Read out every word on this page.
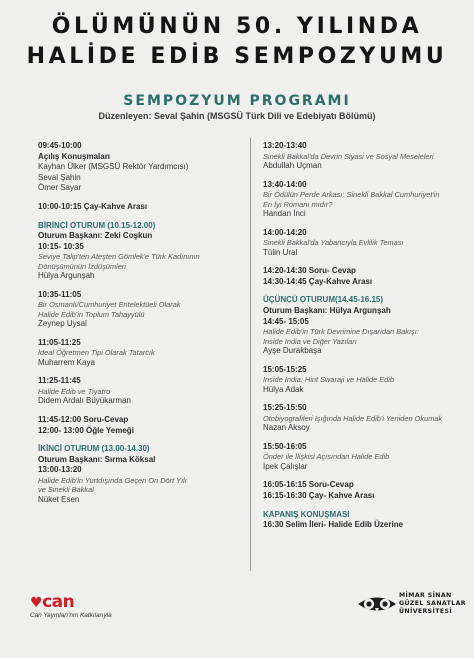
ÖLÜMÜNÜN 50. YILINDA
HALİDE EDİB SEMPOZYUMU
SEMPOZYUM PROGRAMI
Düzenleyen: Seval Şahin (MSGSÜ Türk Dili ve Edebiyatı Bölümü)
09:45-10:00
Açılış Konuşmaları
Kayhan Ülker (MSGSÜ Rektör Yardımcısı)
Seval Şahin
Ömer Sayar
10:00-10:15 Çay-Kahve Arası
BİRİNCİ OTURUM (10.15-12.00)
Oturum Başkanı: Zeki Coşkun
10:15- 10:35
Seviye Talip'ten Ateşten Gömlek'e Türk Kadınının
Dönüşümünün İzdüşümleri
Hülya Argunşah
10:35-11:05
Bir Osmanlı/Cumhuriyet Entelektüeli Olarak
Halide Edib'in Toplum Tahayyülü
Zeynep Uysal
11:05-11:25
İdeal Öğretmen Tipi Olarak Tatarcık
Muharrem Kaya
11:25-11:45
Halide Edib ve Tiyatro
Didem Ardalı Büyükarman
11:45-12:00 Soru-Cevap
12:00- 13:00 Öğle Yemeği
İKİNCİ OTURUM (13.00-14.30)
Oturum Başkanı: Sırma Köksal
13:00-13:20
Halide Edib'in Yurtdışında Geçen On Dört Yılı
ve Sinekli Bakkal
Nüket Esen
13:20-13:40
Sinekli Bakkal'da Devrin Siyasi ve Sosyal Meseleleri
Abdullah Uçman
13:40-14:00
Bir Ödülün Perde Arkası: Sinekli Bakkal Cumhuriyet'in
En İyi Romanı mıdır?
Handan İnci
14:00-14:20
Sinekli Bakkal'da Yabancıyla Evlilik Teması
Tülin Ural
14:20-14:30 Soru- Cevap
14:30-14:45 Çay-Kahve Arası
ÜÇÜNCÜ OTURUM(14.45-16.15)
Oturum Başkanı: Hülya Argunşah
14:45- 15:05
Halide Edib'in Türk Devrimine Dışarıdan Bakışı:
Inside India ve Diğer Yazıları
Ayşe Durakbaşa
15:05-15:25
Inside India: Hint Swaraji ve Halide Edib
Hülya Adak
15:25-15:50
Otobiyografileri Işığında Halide Edib'i Yeniden Okumak
Nazan Aksoy
15:50-16:05
Önder ile İlişkisi Açısından Halide Edib
İpek Çalışlar
16:05-16:15 Soru-Cevap
16:15-16:30 Çay- Kahve Arası
KAPANIŞ KONUŞMASI
16:30 Selim İleri- Halide Edib Üzerine
♥can
Can Yayınları'nın Katkılarıyla
MİMAR SİNAN
GÜZEL SANATLAR
ÜNİVERSİTESİ
